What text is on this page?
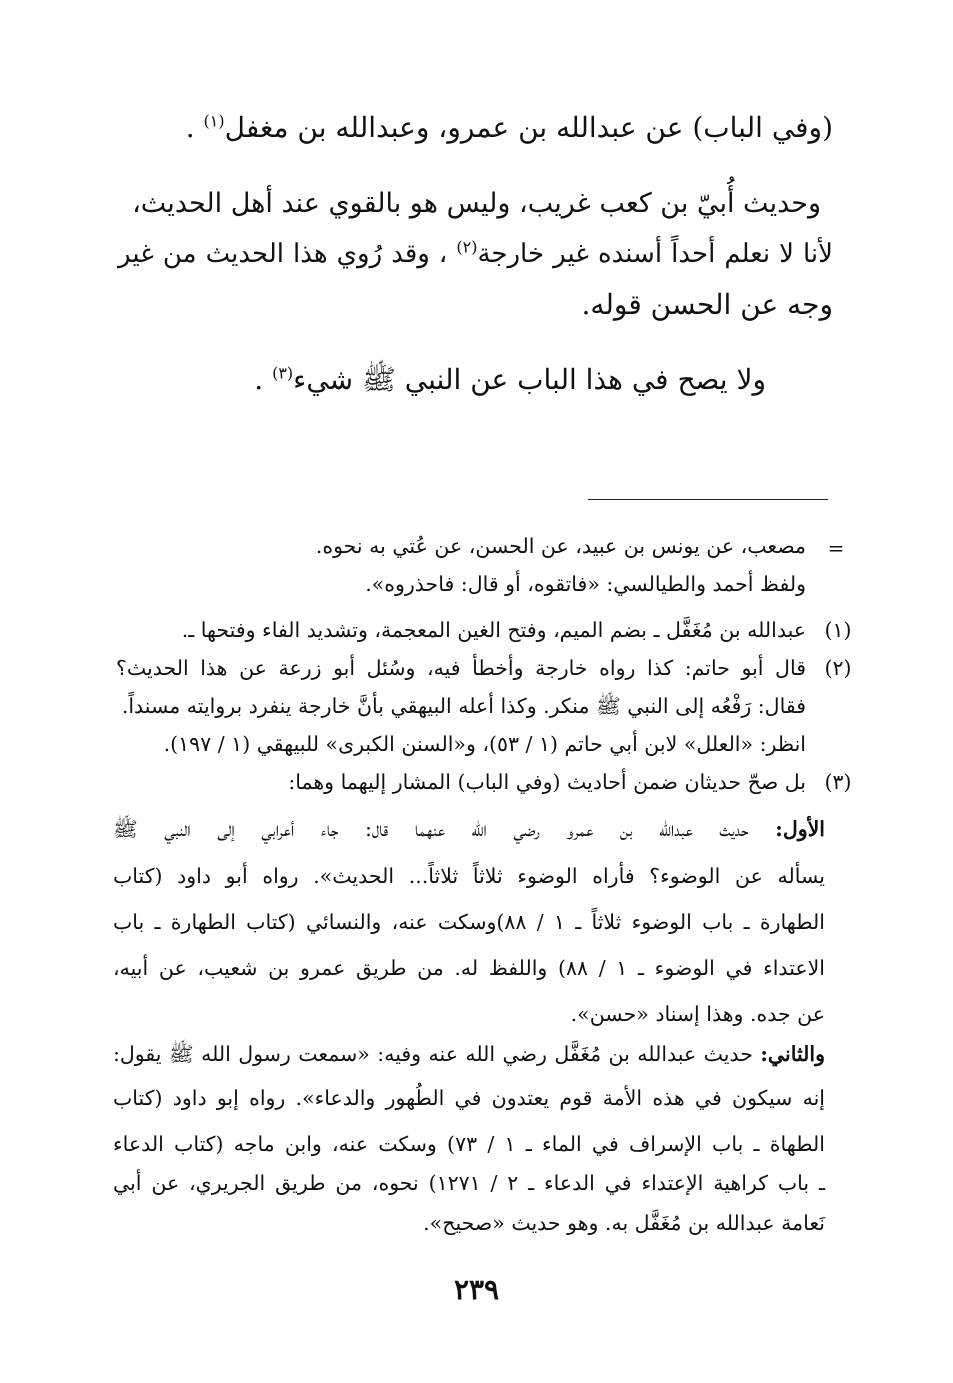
(وفي الباب) عن عبدالله بن عمرو، وعبدالله بن مغفل$^{(١)}$ .
وحديث أُبيّ بن كعب غريب، وليس هو بالقوي عند أهل الحديث،
لأنا لا نعلم أحداً أسنده غير خارجة$^{(٢)}$ ، وقد رُوي هذا الحديث من غير
وجه عن الحسن قوله.
ولا يصح في هذا الباب عن النبي ﷺ شيء$^{(٣)}$ .
=
مصعب، عن يونس بن عبيد، عن الحسن، عن عُتي به نحوه.
ولفظ أحمد والطيالسي: «فاتقوه، أو قال: فاحذروه».
(١)
عبدالله بن مُغَفَّل ـ بضم الميم، وفتح الغين المعجمة، وتشديد الفاء وفتحها ـ.
(٢)
قال أبو حاتم: كذا رواه خارجة وأخطأ فيه، وسُئل أبو زرعة عن هذا الحديث؟
فقال: رَفْعُه إلى النبي ﷺ منكر. وكذا أعله البيهقي بأنَّ خارجة ينفرد بروايته مسنداً.
انظر: «العلل» لابن أبي حاتم (١ / ٥٣)، و«السنن الكبرى» للبيهقي (١ / ١٩٧).
(٣)
بل صحّ حديثان ضمن أحاديث (وفي الباب) المشار إليهما وهما:
الأول: حديث عبدالله بن عمرو رضي الله عنهما قال: جاء أعرابي إلى النبي ﷺ
يسأله عن الوضوء؟ فأراه الوضوء ثلاثاً ثلاثاً... الحديث». رواه أبو داود (كتاب
الطهارة ـ باب الوضوء ثلاثاً ـ ١ / ٨٨)وسكت عنه، والنسائي (كتاب الطهارة ـ باب
الاعتداء في الوضوء ـ ١ / ٨٨) واللفظ له. من طريق عمرو بن شعيب، عن أبيه،
عن جده. وهذا إسناد «حسن».
والثاني: حديث عبدالله بن مُغَفَّل رضي الله عنه وفيه: «سمعت رسول الله ﷺ يقول:
إنه سيكون في هذه الأمة قوم يعتدون في الطُهور والدعاء». رواه إبو داود (كتاب
الطهاة ـ باب الإسراف في الماء ـ ١ / ٧٣) وسكت عنه، وابن ماجه (كتاب الدعاء
ـ باب كراهية الإعتداء في الدعاء ـ ٢ / ١٢٧١) نحوه، من طريق الجريري، عن أبي
نَعامة عبدالله بن مُغَفَّل به. وهو حديث «صحيح».
٢٣٩
